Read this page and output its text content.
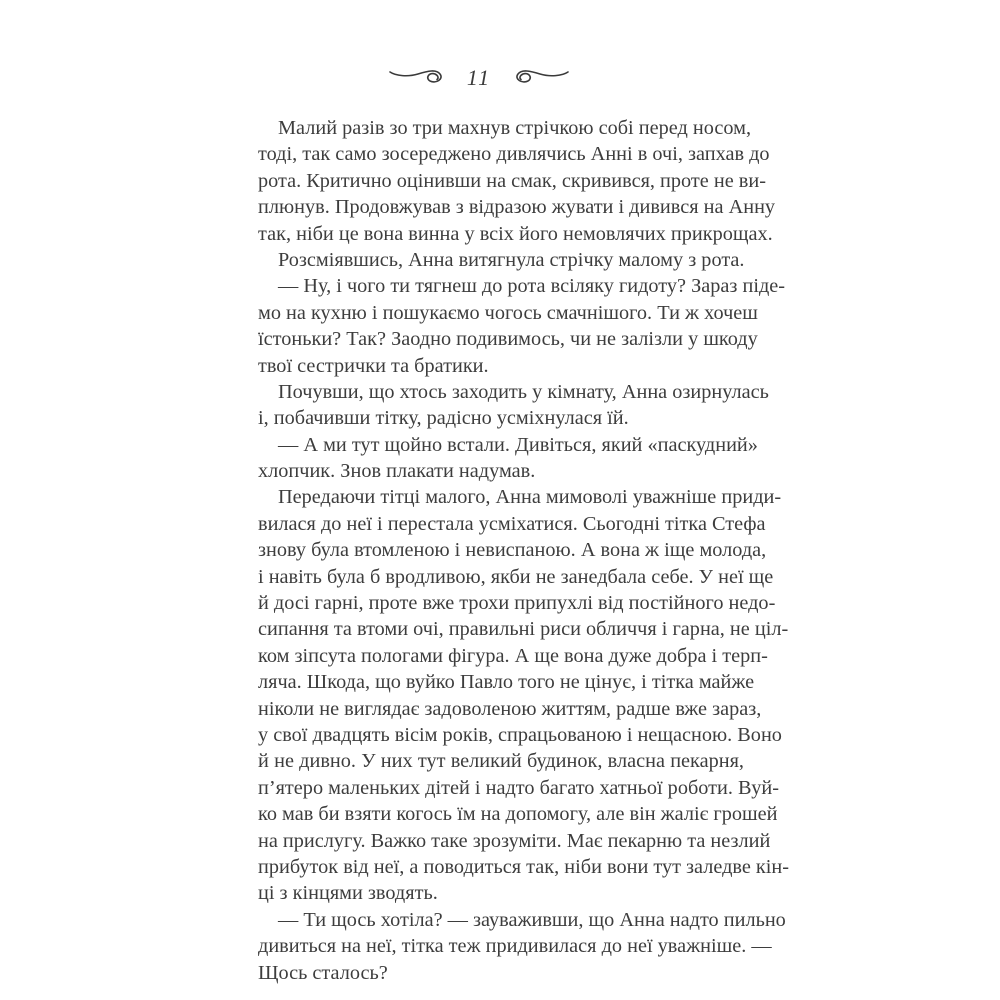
11
Малий разів зо три махнув стрічкою собі перед носом,
тоді, так само зосереджено дивлячись Анні в очі, запхав до
рота. Критично оцінивши на смак, скривився, проте не ви-
плюнув. Продовжував з відразою жувати і дивився на Анну
так, ніби це вона винна у всіх його немовлячих прикрощах.
Розсміявшись, Анна витягнула стрічку малому з рота.
— Ну, і чого ти тягнеш до рота всіляку гидоту? Зараз піде-
мо на кухню і пошукаємо чогось смачнішого. Ти ж хочеш
їстоньки? Так? Заодно подивимось, чи не залізли у шкоду
твої сестрички та братики.
Почувши, що хтось заходить у кімнату, Анна озирнулась
і, побачивши тітку, радісно усміхнулася їй.
— А ми тут щойно встали. Дивіться, який «паскудний»
хлопчик. Знов плакати надумав.
Передаючи тітці малого, Анна мимоволі уважніше приди-
вилася до неї і перестала усміхатися. Сьогодні тітка Стефа
знову була втомленою і невиспаною. А вона ж іще молода,
і навіть була б вродливою, якби не занедбала себе. У неї ще
й досі гарні, проте вже трохи припухлі від постійного недо-
сипання та втоми очі, правильні риси обличчя і гарна, не ціл-
ком зіпсута пологами фігура. А ще вона дуже добра і терп-
ляча. Шкода, що вуйко Павло того не цінує, і тітка майже
ніколи не виглядає задоволеною життям, радше вже зараз,
у свої двадцять вісім років, спрацьованою і нещасною. Воно
й не дивно. У них тут великий будинок, власна пекарня,
п’ятеро маленьких дітей і надто багато хатньої роботи. Вуй-
ко мав би взяти когось їм на допомогу, але він жаліє грошей
на прислугу. Важко таке зрозуміти. Має пекарню та незлий
прибуток від неї, а поводиться так, ніби вони тут заледве кін-
ці з кінцями зводять.
— Ти щось хотіла? — зауваживши, що Анна надто пильно
дивиться на неї, тітка теж придивилася до неї уважніше. —
Щось сталось?
